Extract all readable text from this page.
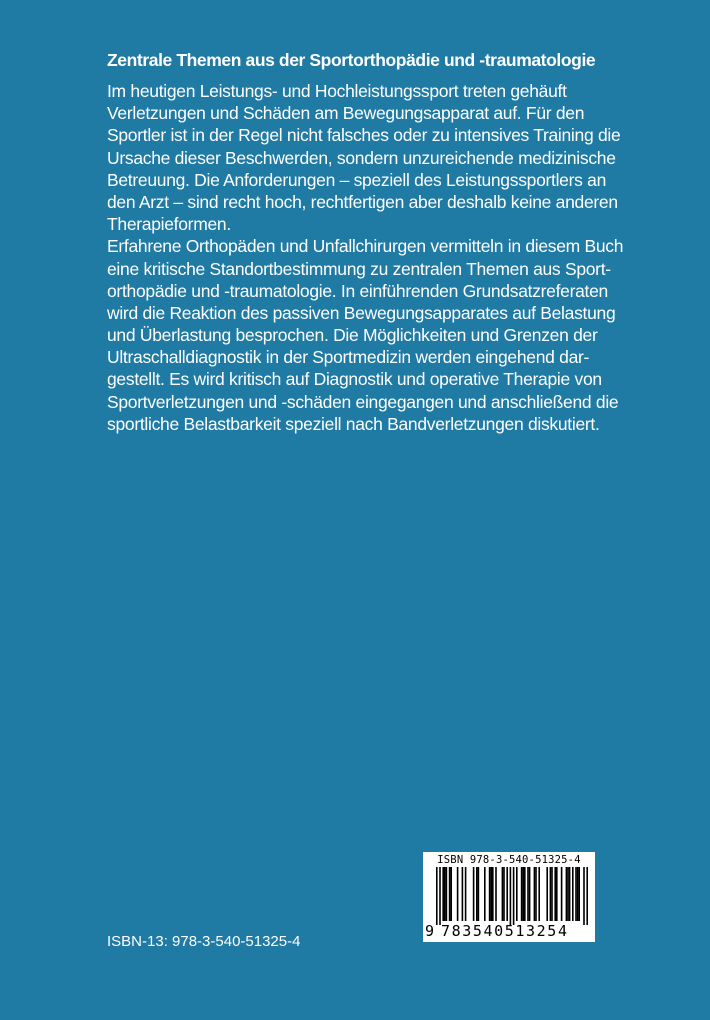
Zentrale Themen aus der Sportorthopädie und -traumatologie
Im heutigen Leistungs- und Hochleistungssport treten gehäuft
Verletzungen und Schäden am Bewegungsapparat auf. Für den
Sportler ist in der Regel nicht falsches oder zu intensives Training die
Ursache dieser Beschwerden, sondern unzureichende medizinische
Betreuung. Die Anforderungen – speziell des Leistungssportlers an
den Arzt – sind recht hoch, rechtfertigen aber deshalb keine anderen
Therapieformen.
Erfahrene Orthopäden und Unfallchirurgen vermitteln in diesem Buch
eine kritische Standortbestimmung zu zentralen Themen aus Sport-
orthopädie und -traumatologie. In einführenden Grundsatzreferaten
wird die Reaktion des passiven Bewegungsapparates auf Belastung
und Überlastung besprochen. Die Möglichkeiten und Grenzen der
Ultraschalldiagnostik in der Sportmedizin werden eingehend dar-
gestellt. Es wird kritisch auf Diagnostik und operative Therapie von
Sportverletzungen und -schäden eingegangen und anschließend die
sportliche Belastbarkeit speziell nach Bandverletzungen diskutiert.
ISBN-13: 978-3-540-51325-4
ISBN 978-3-540-51325-4
9 783540513254
